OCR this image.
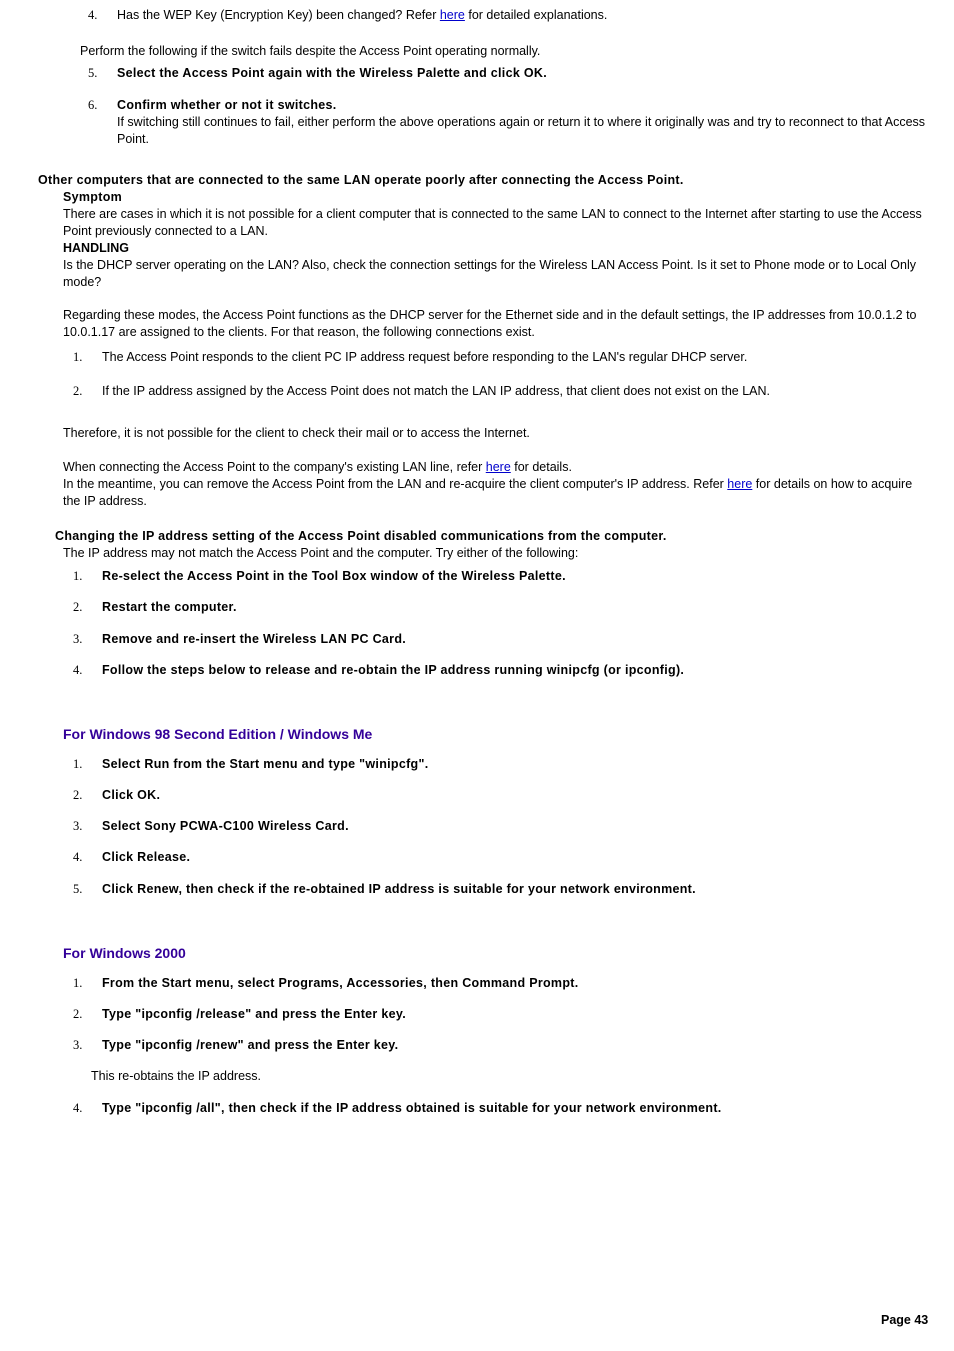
4. Has the WEP Key (Encryption Key) been changed? Refer here for detailed explanations.
Perform the following if the switch fails despite the Access Point operating normally.
5. Select the Access Point again with the Wireless Palette and click OK.
6. Confirm whether or not it switches.
If switching still continues to fail, either perform the above operations again or return it to where it originally was and try to reconnect to that Access Point.
Other computers that are connected to the same LAN operate poorly after connecting the Access Point.
Symptom
There are cases in which it is not possible for a client computer that is connected to the same LAN to connect to the Internet after starting to use the Access Point previously connected to a LAN.
HANDLING
Is the DHCP server operating on the LAN? Also, check the connection settings for the Wireless LAN Access Point. Is it set to Phone mode or to Local Only mode?
Regarding these modes, the Access Point functions as the DHCP server for the Ethernet side and in the default settings, the IP addresses from 10.0.1.2 to 10.0.1.17 are assigned to the clients. For that reason, the following connections exist.
1. The Access Point responds to the client PC IP address request before responding to the LAN's regular DHCP server.
2. If the IP address assigned by the Access Point does not match the LAN IP address, that client does not exist on the LAN.
Therefore, it is not possible for the client to check their mail or to access the Internet.
When connecting the Access Point to the company's existing LAN line, refer here for details.
In the meantime, you can remove the Access Point from the LAN and re-acquire the client computer's IP address. Refer here for details on how to acquire the IP address.
Changing the IP address setting of the Access Point disabled communications from the computer.
The IP address may not match the Access Point and the computer. Try either of the following:
1. Re-select the Access Point in the Tool Box window of the Wireless Palette.
2. Restart the computer.
3. Remove and re-insert the Wireless LAN PC Card.
4. Follow the steps below to release and re-obtain the IP address running winipcfg (or ipconfig).
For Windows 98 Second Edition / Windows Me
1. Select Run from the Start menu and type "winipcfg".
2. Click OK.
3. Select Sony PCWA-C100 Wireless Card.
4. Click Release.
5. Click Renew, then check if the re-obtained IP address is suitable for your network environment.
For Windows 2000
1. From the Start menu, select Programs, Accessories, then Command Prompt.
2. Type "ipconfig /release" and press the Enter key.
3. Type "ipconfig /renew" and press the Enter key.
This re-obtains the IP address.
4. Type "ipconfig /all", then check if the IP address obtained is suitable for your network environment.
Page 43
